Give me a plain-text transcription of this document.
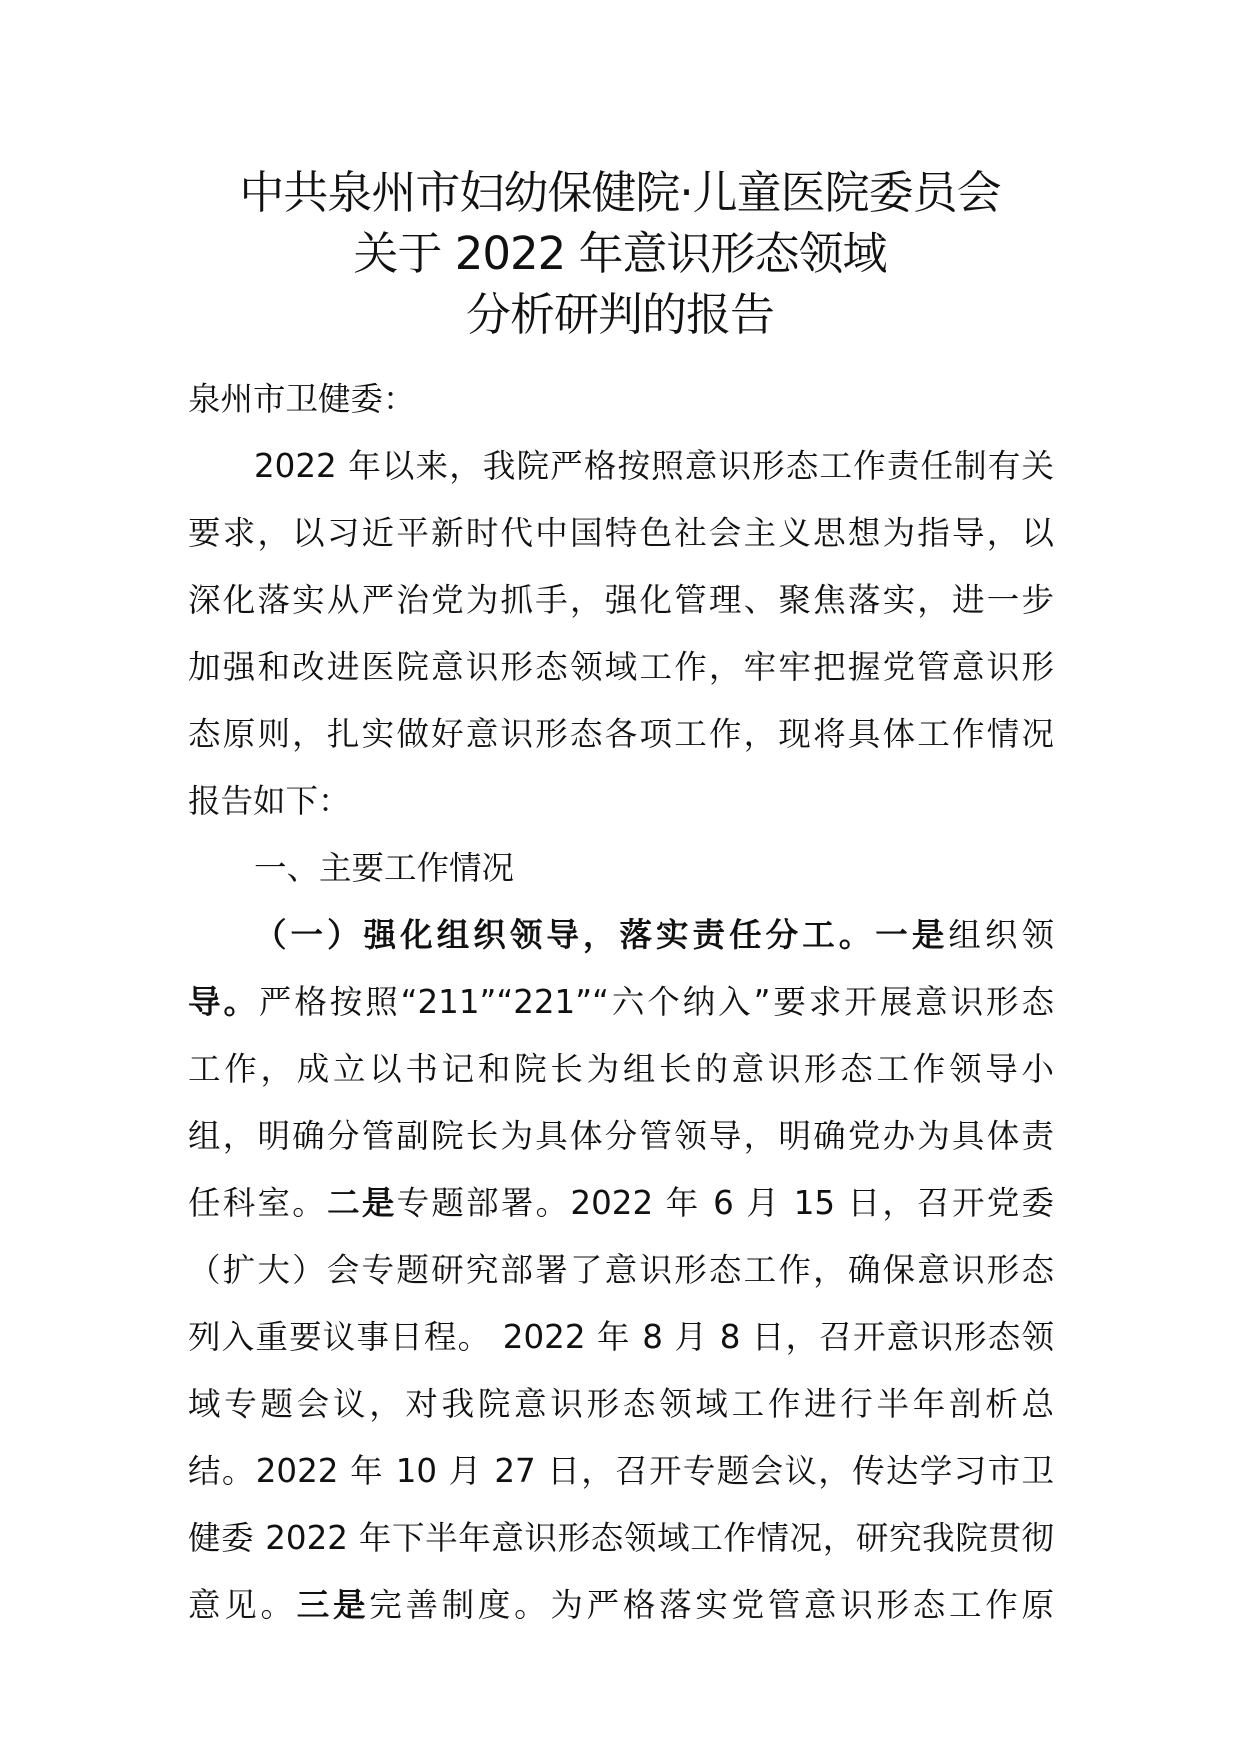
中共泉州市妇幼保健院·儿童医院委员会
关于 2022 年意识形态领域
分析研判的报告
泉州市卫健委：
2022 年以来，我院严格按照意识形态工作责任制有关
要求，以习近平新时代中国特色社会主义思想为指导，以
深化落实从严治党为抓手，强化管理、聚焦落实，进一步
加强和改进医院意识形态领域工作，牢牢把握党管意识形
态原则，扎实做好意识形态各项工作，现将具体工作情况
报告如下：
一、主要工作情况
（一）强化组织领导，落实责任分工。一是组织领
导。严格按照“211”“221”“六个纳入”要求开展意识形态
工作，成立以书记和院长为组长的意识形态工作领导小
组，明确分管副院长为具体分管领导，明确党办为具体责
任科室。二是专题部署。2022 年 6 月 15 日，召开党委
（扩大）会专题研究部署了意识形态工作，确保意识形态
列入重要议事日程。 2022 年 8 月 8 日，召开意识形态领
域专题会议，对我院意识形态领域工作进行半年剖析总
结。2022 年 10 月 27 日，召开专题会议，传达学习市卫
健委 2022 年下半年意识形态领域工作情况，研究我院贯彻
意见。三是完善制度。为严格落实党管意识形态工作原
